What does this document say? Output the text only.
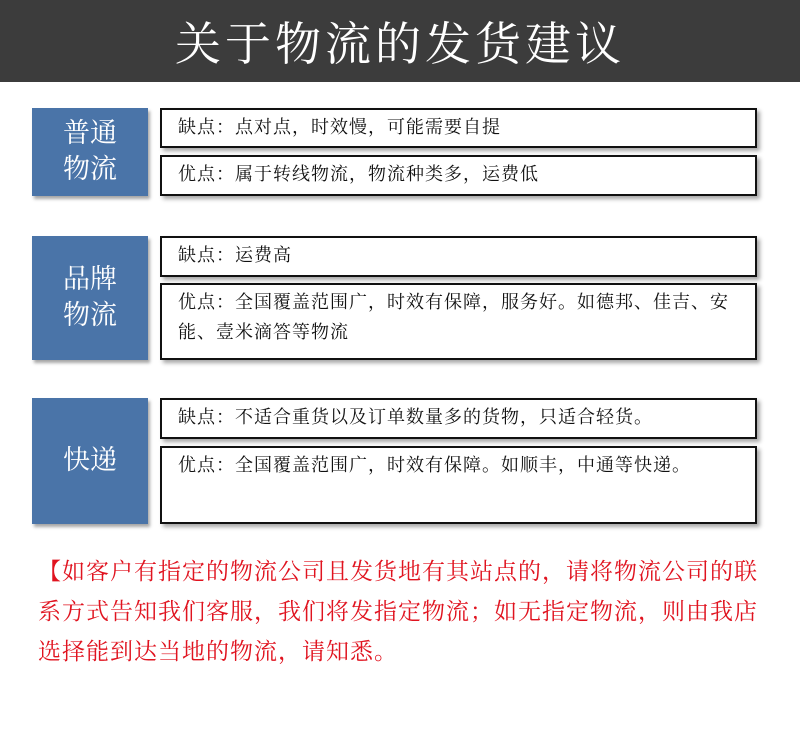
关于物流的发货建议
普通
物流
缺点：点对点，时效慢，可能需要自提
优点：属于转线物流，物流种类多，运费低
品牌
物流
缺点：运费高
优点：全国覆盖范围广，时效有保障，服务好。如德邦、佳吉、安能、壹米滴答等物流
快递
缺点：不适合重货以及订单数量多的货物，只适合轻货。
优点：全国覆盖范围广，时效有保障。如顺丰，中通等快递。
【如客户有指定的物流公司且发货地有其站点的，请将物流公司的联系方式告知我们客服，我们将发指定物流；如无指定物流，则由我店选择能到达当地的物流，请知悉。
